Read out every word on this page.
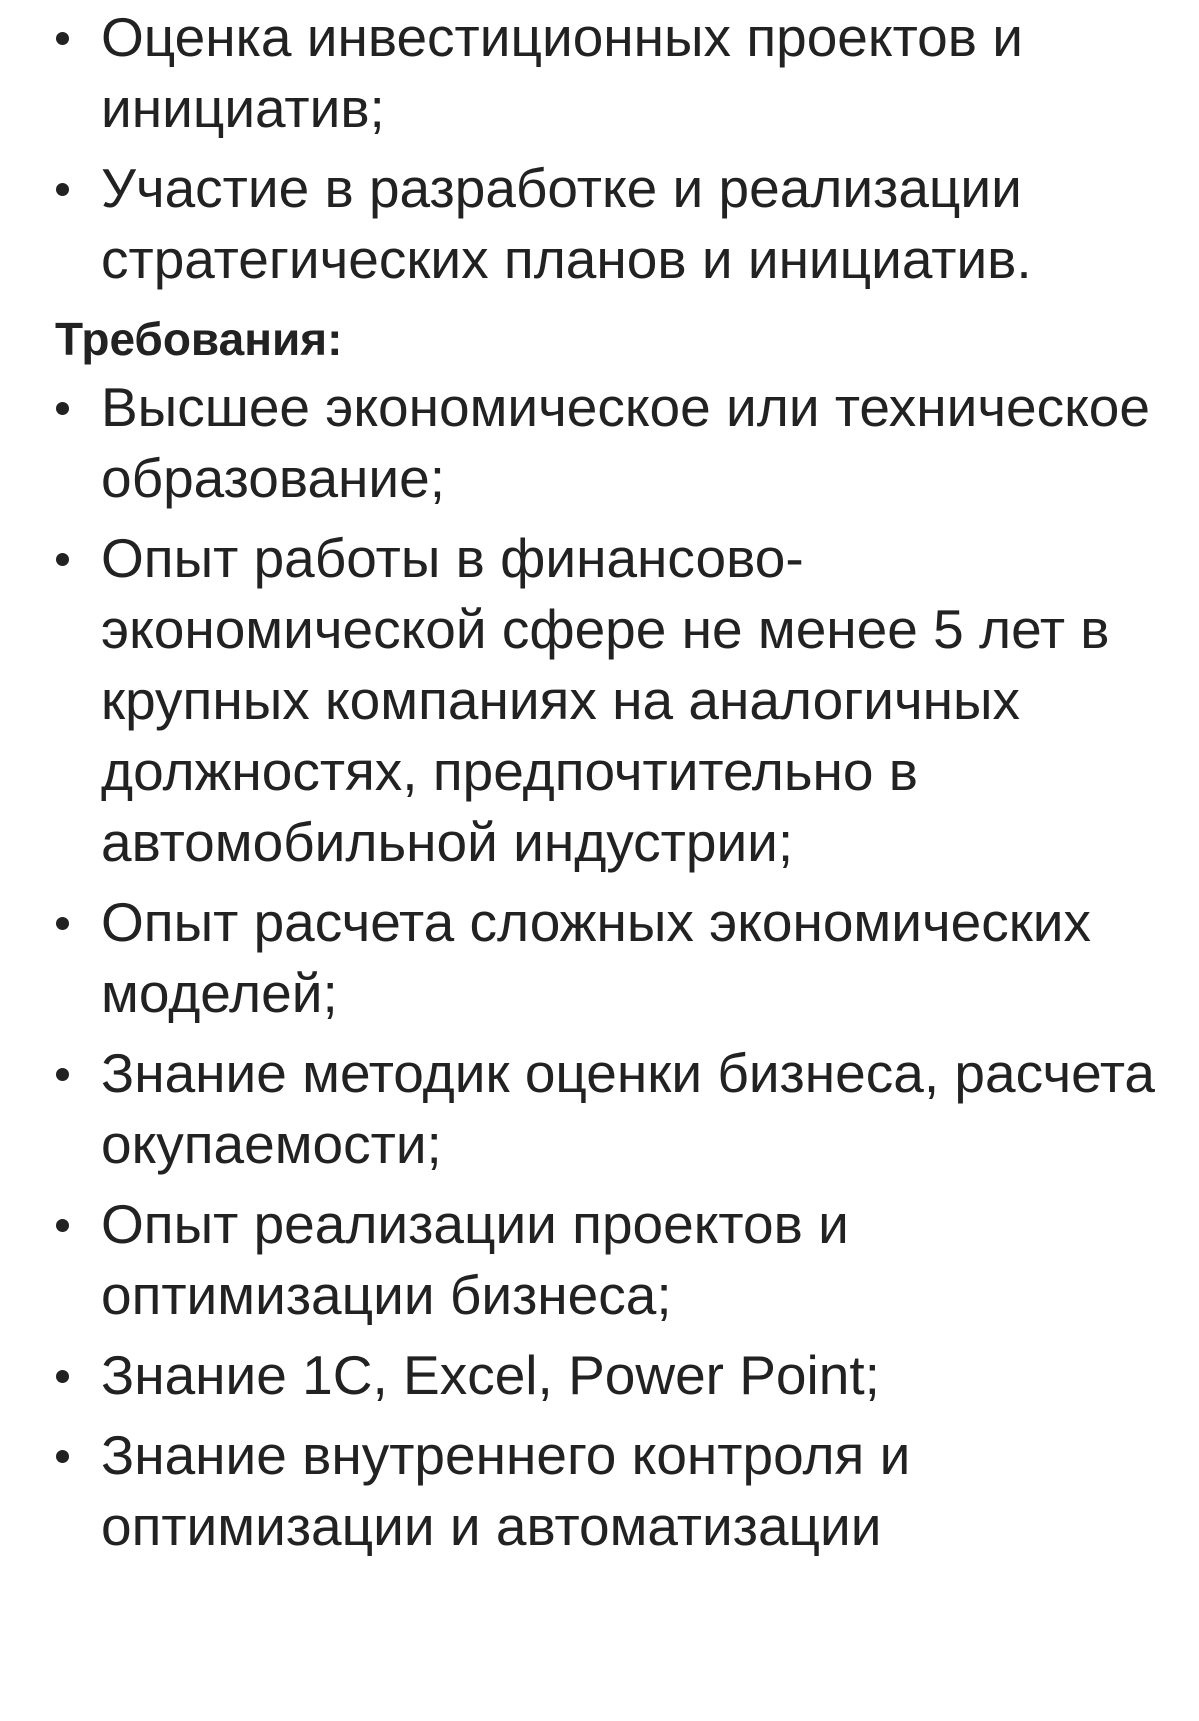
Оценка инвестиционных проектов и инициатив;
Участие в разработке и реализации стратегических планов и инициатив.
Требования:
Высшее экономическое или техническое образование;
Опыт работы в финансово-экономической сфере не менее 5 лет в крупных компаниях на аналогичных должностях, предпочтительно в автомобильной индустрии;
Опыт расчета сложных экономических моделей;
Знание методик оценки бизнеса, расчета окупаемости;
Опыт реализации проектов и оптимизации бизнеса;
Знание 1С, Excel, Power Point;
Знание внутреннего контроля и оптимизации и автоматизации
